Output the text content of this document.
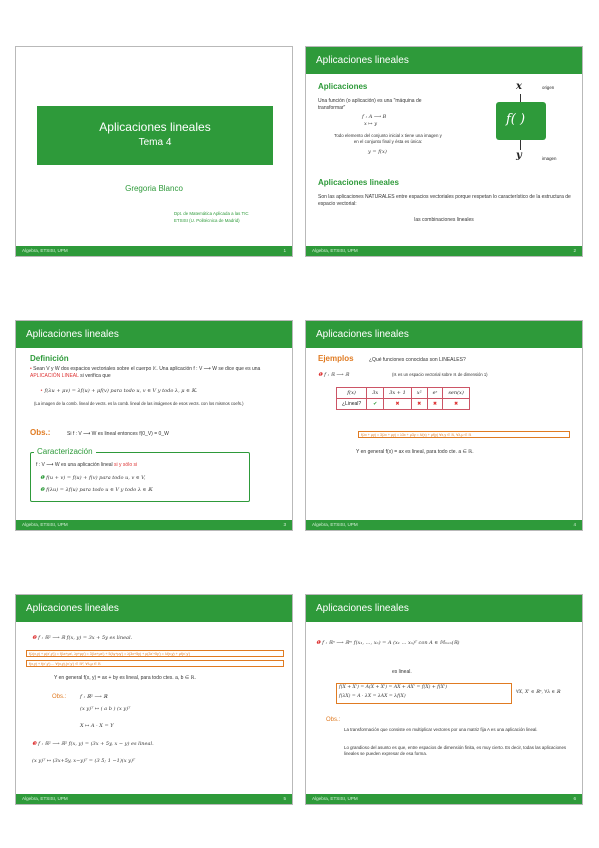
Aplicaciones lineales
Tema 4
Gregoria Blanco
Dpt. de Matemática Aplicada a las TIC
ETSISI (U. Politécnica de Madrid)
Algebra, ETSISI, UPM	1
Aplicaciones lineales
Aplicaciones
Una función (o aplicación) es una "máquina de transformar"
f : A ⟶ B
x ↦ y
Todo elemento del conjunto inicial x tiene una imagen y en el conjunto final y ésta es única:
y = f(x)
x	origen
f( )
y	imagen
Aplicaciones lineales
Son las aplicaciones NATURALES entre espacios vectoriales porque respetan lo característico de la estructura de espacio vectorial:
las combinaciones lineales
Algebra, ETSISI, UPM	2
Aplicaciones lineales
Definición
• Sean V y W dos espacios vectoriales sobre el cuerpo 𝕂. Una aplicación f : V ⟶ W se dice que es una APLICACIÓN LINEAL si verifica que
• f(λu + μv) = λf(u) + μf(v) para todo u, v ∈ V y todo λ, μ ∈ 𝕂.
(La imagen de la comb. lineal de vects. es la comb. lineal de las imágenes de esos vects. con los mismos coefs.)
Obs.:	Si f : V ⟶ W es lineal entonces f(0_V) = 0_W
Caracterización
f : V ⟶ W es una aplicación lineal si y sólo si
❶ f(u + v) = f(u) + f(v) para todo u, v ∈ V,
❷ f(λu) = λf(u) para todo u ∈ V y todo λ ∈ 𝕂
Algebra, ETSISI, UPM	3
Aplicaciones lineales
Ejemplos	¿Qué funciones conocidas son LINEALES?
❶ f : ℝ ⟶ ℝ	(ℝ es un espacio vectorial sobre ℝ de dimensión 1)
f(x)	3x	3x + 1	x²	eˣ	sen(x)
¿Lineal?	✔	✖	✖	✖	✖
f(λx + μy) = 3(λx + μy) = λ3x + μ3y = λf(x) + μf(y) ∀x,y ∈ ℝ, ∀λ,μ ∈ ℝ
Y en general f(x) = ax es lineal, para todo cte. a ∈ ℝ.
Algebra, ETSISI, UPM	4
Aplicaciones lineales
❷ f : ℝ² ⟶ ℝ f(x, y) = 3x + 5y es lineal.
f(λ(x,y) + μ(x',y')) = f(λx+μx', λy+μy') = 3(λx+μx') + 5(λy+μy') = λ(3x+5y) + μ(3x'+5y') = λf(x,y) + μf(x',y')
f(x,y) + f(x',y') ... ∀(x,y),(x',y') ∈ ℝ², ∀λ,μ ∈ ℝ
Y en general f(x, y) = ax + by es lineal, para todo ctes. a, b ∈ ℝ.
Obs.:	f : ℝ² ⟶ ℝ
(x y)ᵀ ↦ ( a b ) (x y)ᵀ
X ↦ A · X = Y
❸ f : ℝ² ⟶ ℝ² f(x, y) = (3x + 5y, x − y) es lineal.
(x y)ᵀ ↦ (3x+5y, x−y)ᵀ = (3 5; 1 −1)(x y)ᵀ
Algebra, ETSISI, UPM	5
Aplicaciones lineales
❶ f : ℝⁿ ⟶ ℝᵐ f(x₁, …, xₙ) = A (x₁ … xₙ)ᵀ con A ∈ 𝕄ₘₓₙ(ℝ)
es lineal.
f(X + X') = A(X + X') = AX + AX' = f(X) + f(X')
f(λX) = A · λX = λAX = λf(X)
∀X, X' ∈ ℝⁿ, ∀λ ∈ ℝ
Obs.:
La transformación que consiste en multiplicar vectores por una matriz fija A es una aplicación lineal.
Lo grandioso del asunto es que, entre espacios de dimensión finita, es muy cierto. Es decir, todas las aplicaciones lineales se pueden expresar de esa forma.
Algebra, ETSISI, UPM	6
